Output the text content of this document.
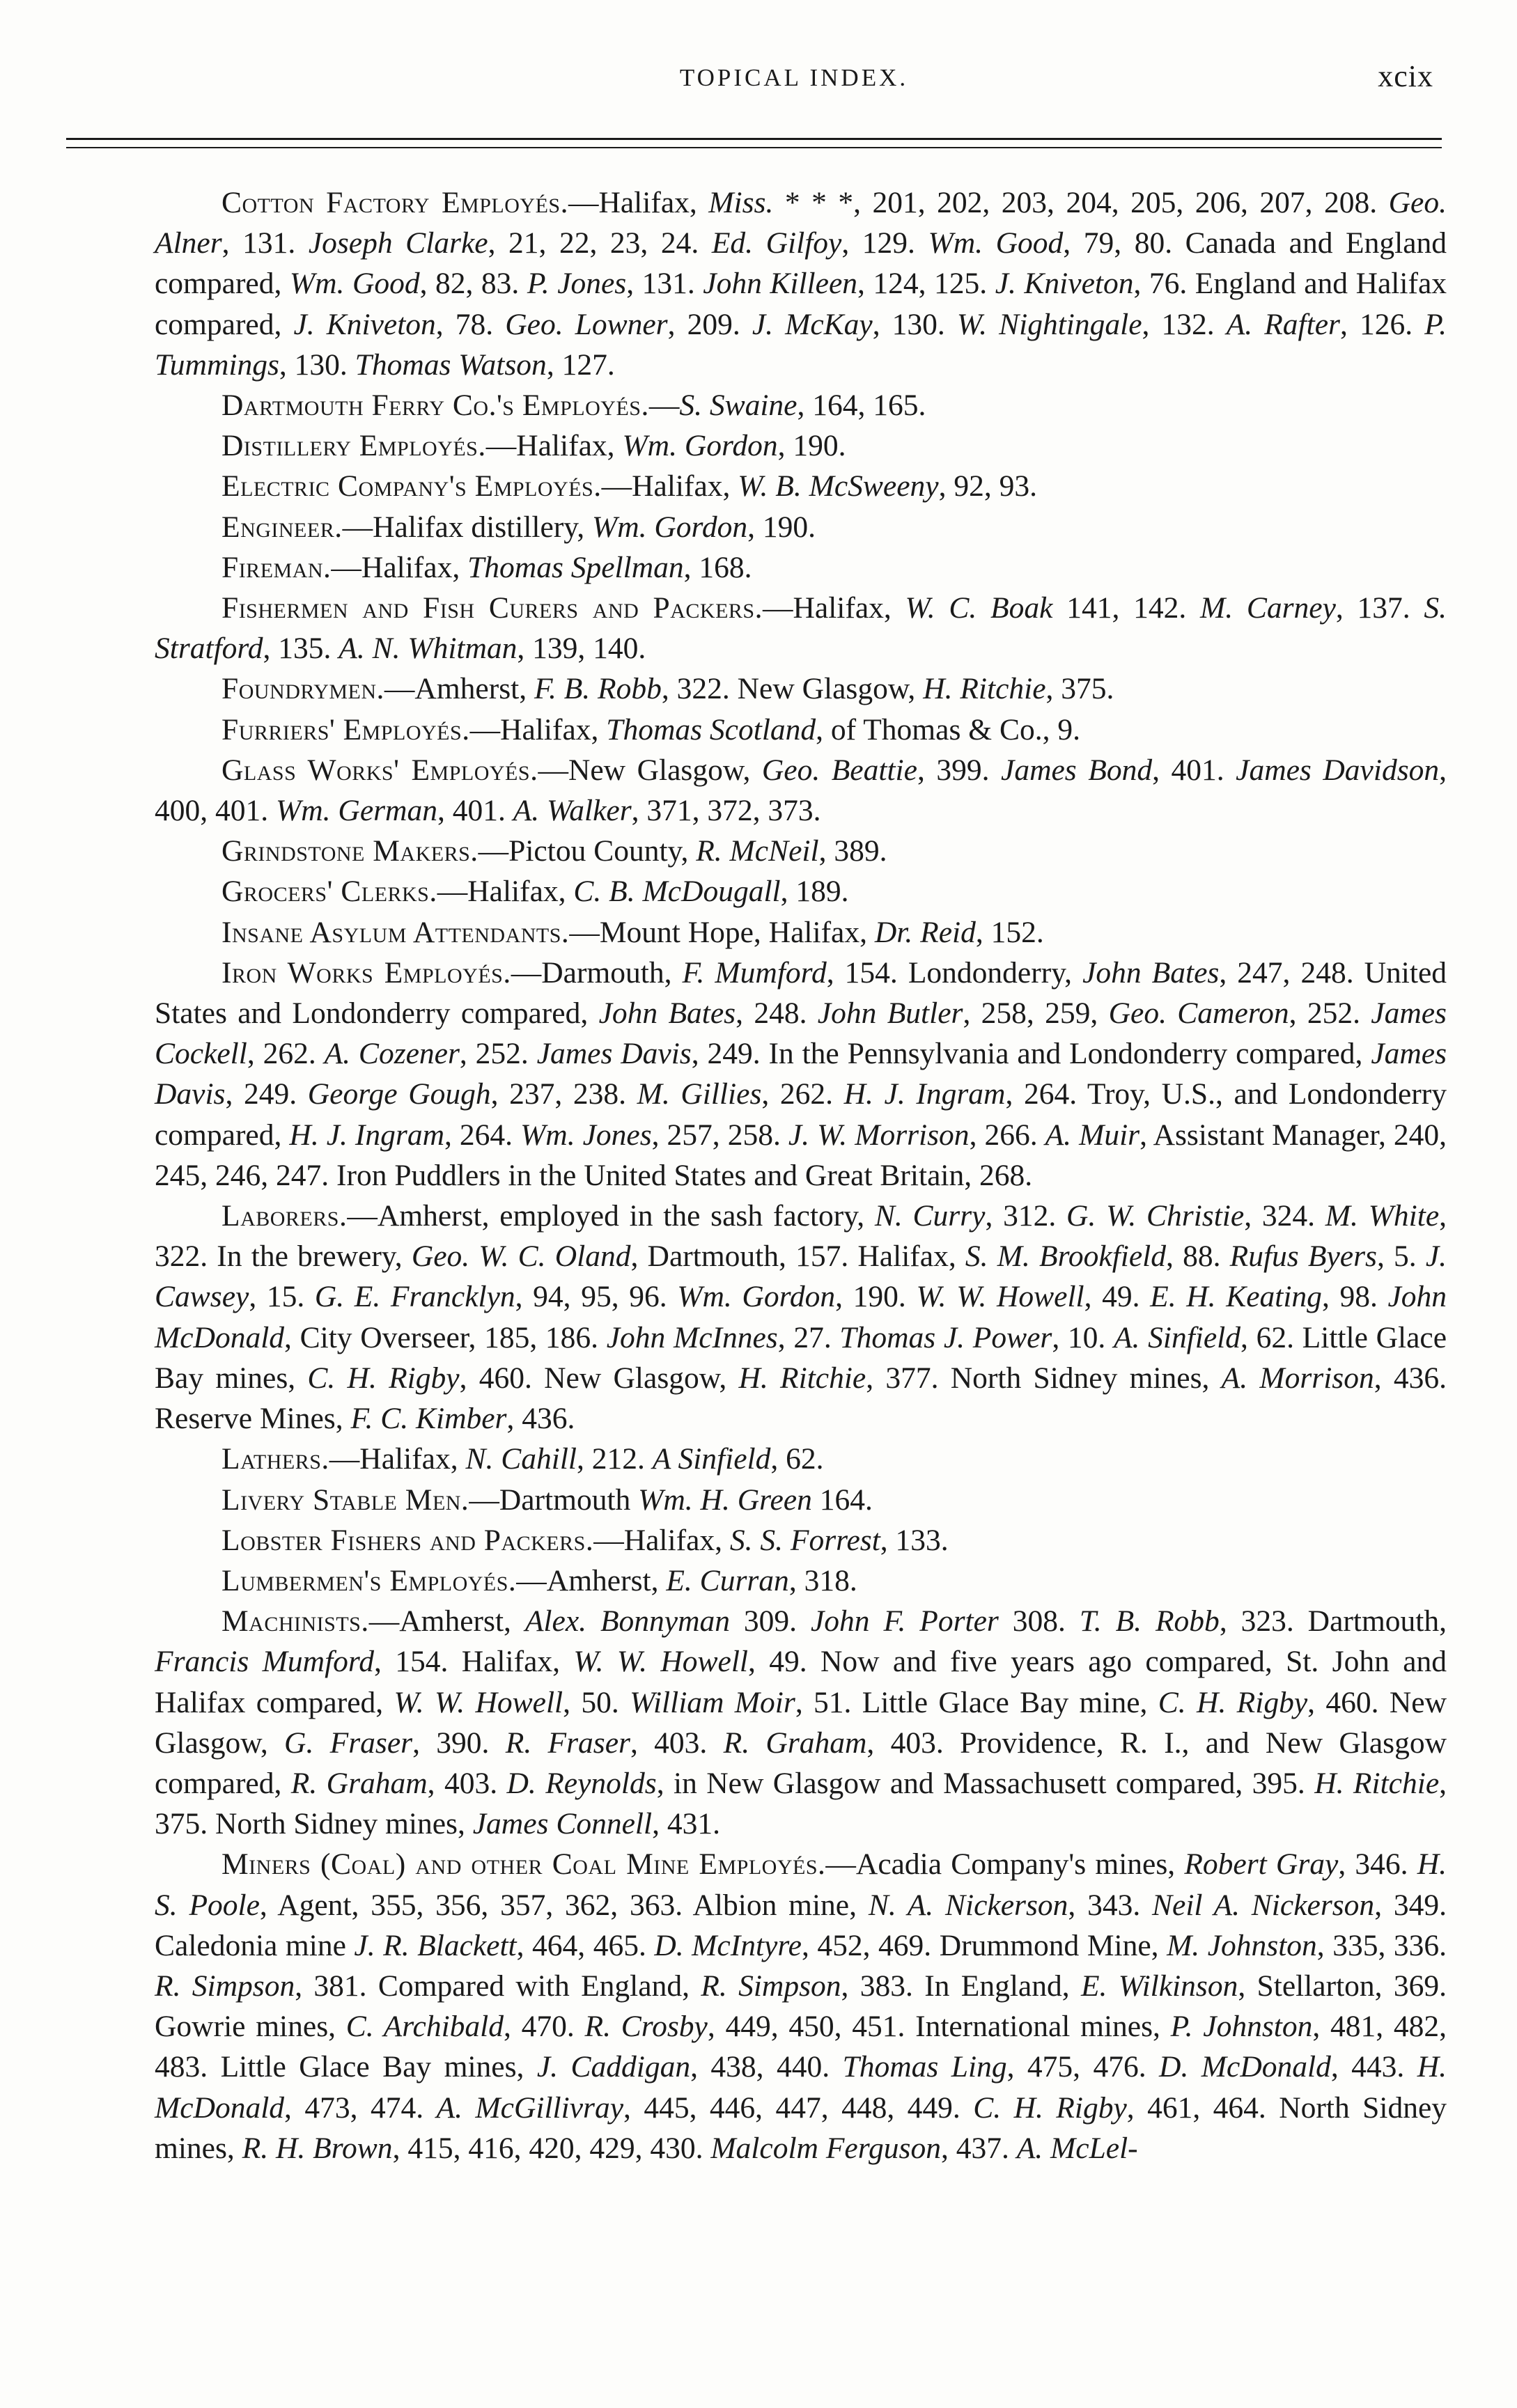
TOPICAL INDEX.	xcix

Cotton Factory Employés.—Halifax, Miss. * * *, 201, 202, 203, 204, 205, 206, 207, 208. Geo. Alner, 131. Joseph Clarke, 21, 22, 23, 24. Ed. Gilfoy, 129. Wm. Good, 79, 80. Canada and England compared, Wm. Good, 82, 83. P. Jones, 131. John Killeen, 124, 125. J. Kniveton, 76. England and Halifax compared, J. Kniveton, 78. Geo. Lowner, 209. J. McKay, 130. W. Nightingale, 132. A. Rafter, 126. P. Tummings, 130. Thomas Watson, 127.

Dartmouth Ferry Co.'s Employés.—S. Swaine, 164, 165.

Distillery Employés.—Halifax, Wm. Gordon, 190.

Electric Company's Employés.—Halifax, W. B. McSweeny, 92, 93.

Engineer.—Halifax distillery, Wm. Gordon, 190.

Fireman.—Halifax, Thomas Spellman, 168.

Fishermen and Fish Curers and Packers.—Halifax, W. C. Boak 141, 142. M. Carney, 137. S. Stratford, 135. A. N. Whitman, 139, 140.

Foundrymen.—Amherst, F. B. Robb, 322. New Glasgow, H. Ritchie, 375.

Furriers' Employés.—Halifax, Thomas Scotland, of Thomas & Co., 9.

Glass Works' Employés.—New Glasgow, Geo. Beattie, 399. James Bond, 401. James Davidson, 400, 401. Wm. German, 401. A. Walker, 371, 372, 373.

Grindstone Makers.—Pictou County, R. McNeil, 389.

Grocers' Clerks.—Halifax, C. B. McDougall, 189.

Insane Asylum Attendants.—Mount Hope, Halifax, Dr. Reid, 152.

Iron Works Employés.—Darmouth, F. Mumford, 154. Londonderry, John Bates, 247, 248. United States and Londonderry compared, John Bates, 248. John Butler, 258, 259, Geo. Cameron, 252. James Cockell, 262. A. Cozener, 252. James Davis, 249. In the Pennsylvania and Londonderry compared, James Davis, 249. George Gough, 237, 238. M. Gillies, 262. H. J. Ingram, 264. Troy, U.S., and Londonderry compared, H. J. Ingram, 264. Wm. Jones, 257, 258. J. W. Morrison, 266. A. Muir, Assistant Manager, 240, 245, 246, 247. Iron Puddlers in the United States and Great Britain, 268.

Laborers.—Amherst, employed in the sash factory, N. Curry, 312. G. W. Christie, 324. M. White, 322. In the brewery, Geo. W. C. Oland, Dartmouth, 157. Halifax, S. M. Brookfield, 88. Rufus Byers, 5. J. Cawsey, 15. G. E. Francklyn, 94, 95, 96. Wm. Gordon, 190. W. W. Howell, 49. E. H. Keating, 98. John McDonald, City Overseer, 185, 186. John McInnes, 27. Thomas J. Power, 10. A. Sinfield, 62. Little Glace Bay mines, C. H. Rigby, 460. New Glasgow, H. Ritchie, 377. North Sidney mines, A. Morrison, 436. Reserve Mines, F. C. Kimber, 436.

Lathers.—Halifax, N. Cahill, 212. A Sinfield, 62.

Livery Stable Men.—Dartmouth Wm. H. Green 164.

Lobster Fishers and Packers.—Halifax, S. S. Forrest, 133.

Lumbermen's Employés.—Amherst, E. Curran, 318.

Machinists.—Amherst, Alex. Bonnyman 309. John F. Porter 308. T. B. Robb, 323. Dartmouth, Francis Mumford, 154. Halifax, W. W. Howell, 49. Now and five years ago compared, St. John and Halifax compared, W. W. Howell, 50. William Moir, 51. Little Glace Bay mine, C. H. Rigby, 460. New Glasgow, G. Fraser, 390. R. Fraser, 403. R. Graham, 403. Providence, R. I., and New Glasgow compared, R. Graham, 403. D. Reynolds, in New Glasgow and Massachusett compared, 395. H. Ritchie, 375. North Sidney mines, James Connell, 431.

Miners (Coal) and other Coal Mine Employés.—Acadia Company's mines, Robert Gray, 346. H. S. Poole, Agent, 355, 356, 357, 362, 363. Albion mine, N. A. Nickerson, 343. Neil A. Nickerson, 349. Caledonia mine J. R. Blackett, 464, 465. D. McIntyre, 452, 469. Drummond Mine, M. Johnston, 335, 336. R. Simpson, 381. Compared with England, R. Simpson, 383. In England, E. Wilkinson, Stellarton, 369. Gowrie mines, C. Archibald, 470. R. Crosby, 449, 450, 451. International mines, P. Johnston, 481, 482, 483. Little Glace Bay mines, J. Caddigan, 438, 440. Thomas Ling, 475, 476. D. McDonald, 443. H. McDonald, 473, 474. A. McGillivray, 445, 446, 447, 448, 449. C. H. Rigby, 461, 464. North Sidney mines, R. H. Brown, 415, 416, 420, 429, 430. Malcolm Ferguson, 437. A. McLel-
